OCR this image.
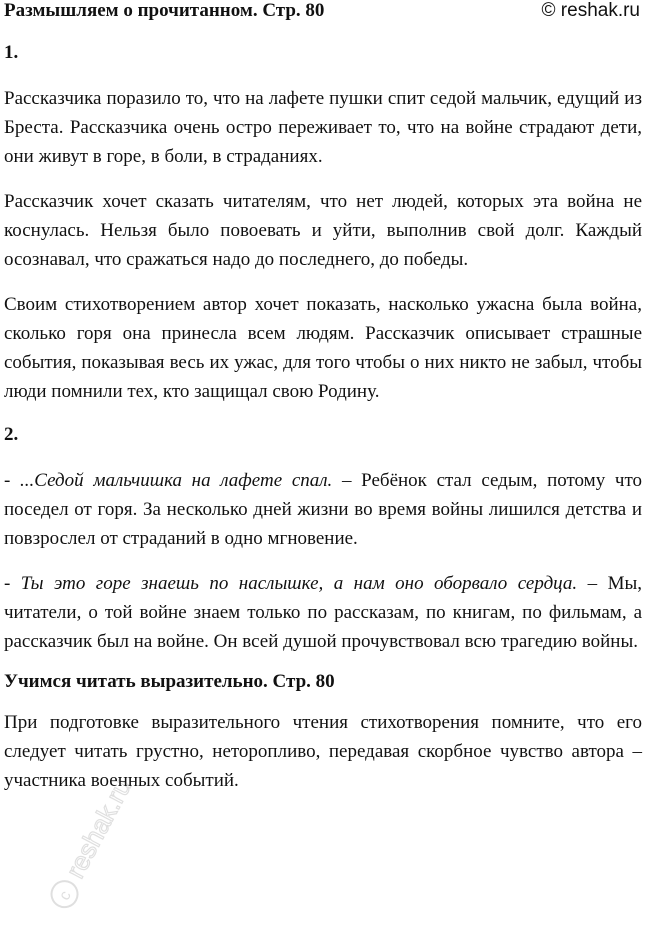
Размышляем о прочитанном. Стр. 80	© reshak.ru
1.

Рассказчика поразило то, что на лафете пушки спит седой мальчик, едущий из Бреста. Рассказчика очень остро переживает то, что на войне страдают дети, они живут в горе, в боли, в страданиях.

Рассказчик хочет сказать читателям, что нет людей, которых эта война не коснулась. Нельзя было повоевать и уйти, выполнив свой долг. Каждый осознавал, что сражаться надо до последнего, до победы.

Своим стихотворением автор хочет показать, насколько ужасна была война, сколько горя она принесла всем людям. Рассказчик описывает страшные события, показывая весь их ужас, для того чтобы о них никто не забыл, чтобы люди помнили тех, кто защищал свою Родину.

2.

- ...Седой мальчишка на лафете спал. – Ребёнок стал седым, потому что поседел от горя. За несколько дней жизни во время войны лишился детства и повзрослел от страданий в одно мгновение.

- Ты это горе знаешь по наслышке, а нам оно оборвало сердца. – Мы, читатели, о той войне знаем только по рассказам, по книгам, по фильмам, а рассказчик был на войне. Он всей душой прочувствовал всю трагедию войны.

Учимся читать выразительно. Стр. 80

При подготовке выразительного чтения стихотворения помните, что его следует читать грустно, неторопливо, передавая скорбное чувство автора – участника военных событий.

c
reshak.ru
